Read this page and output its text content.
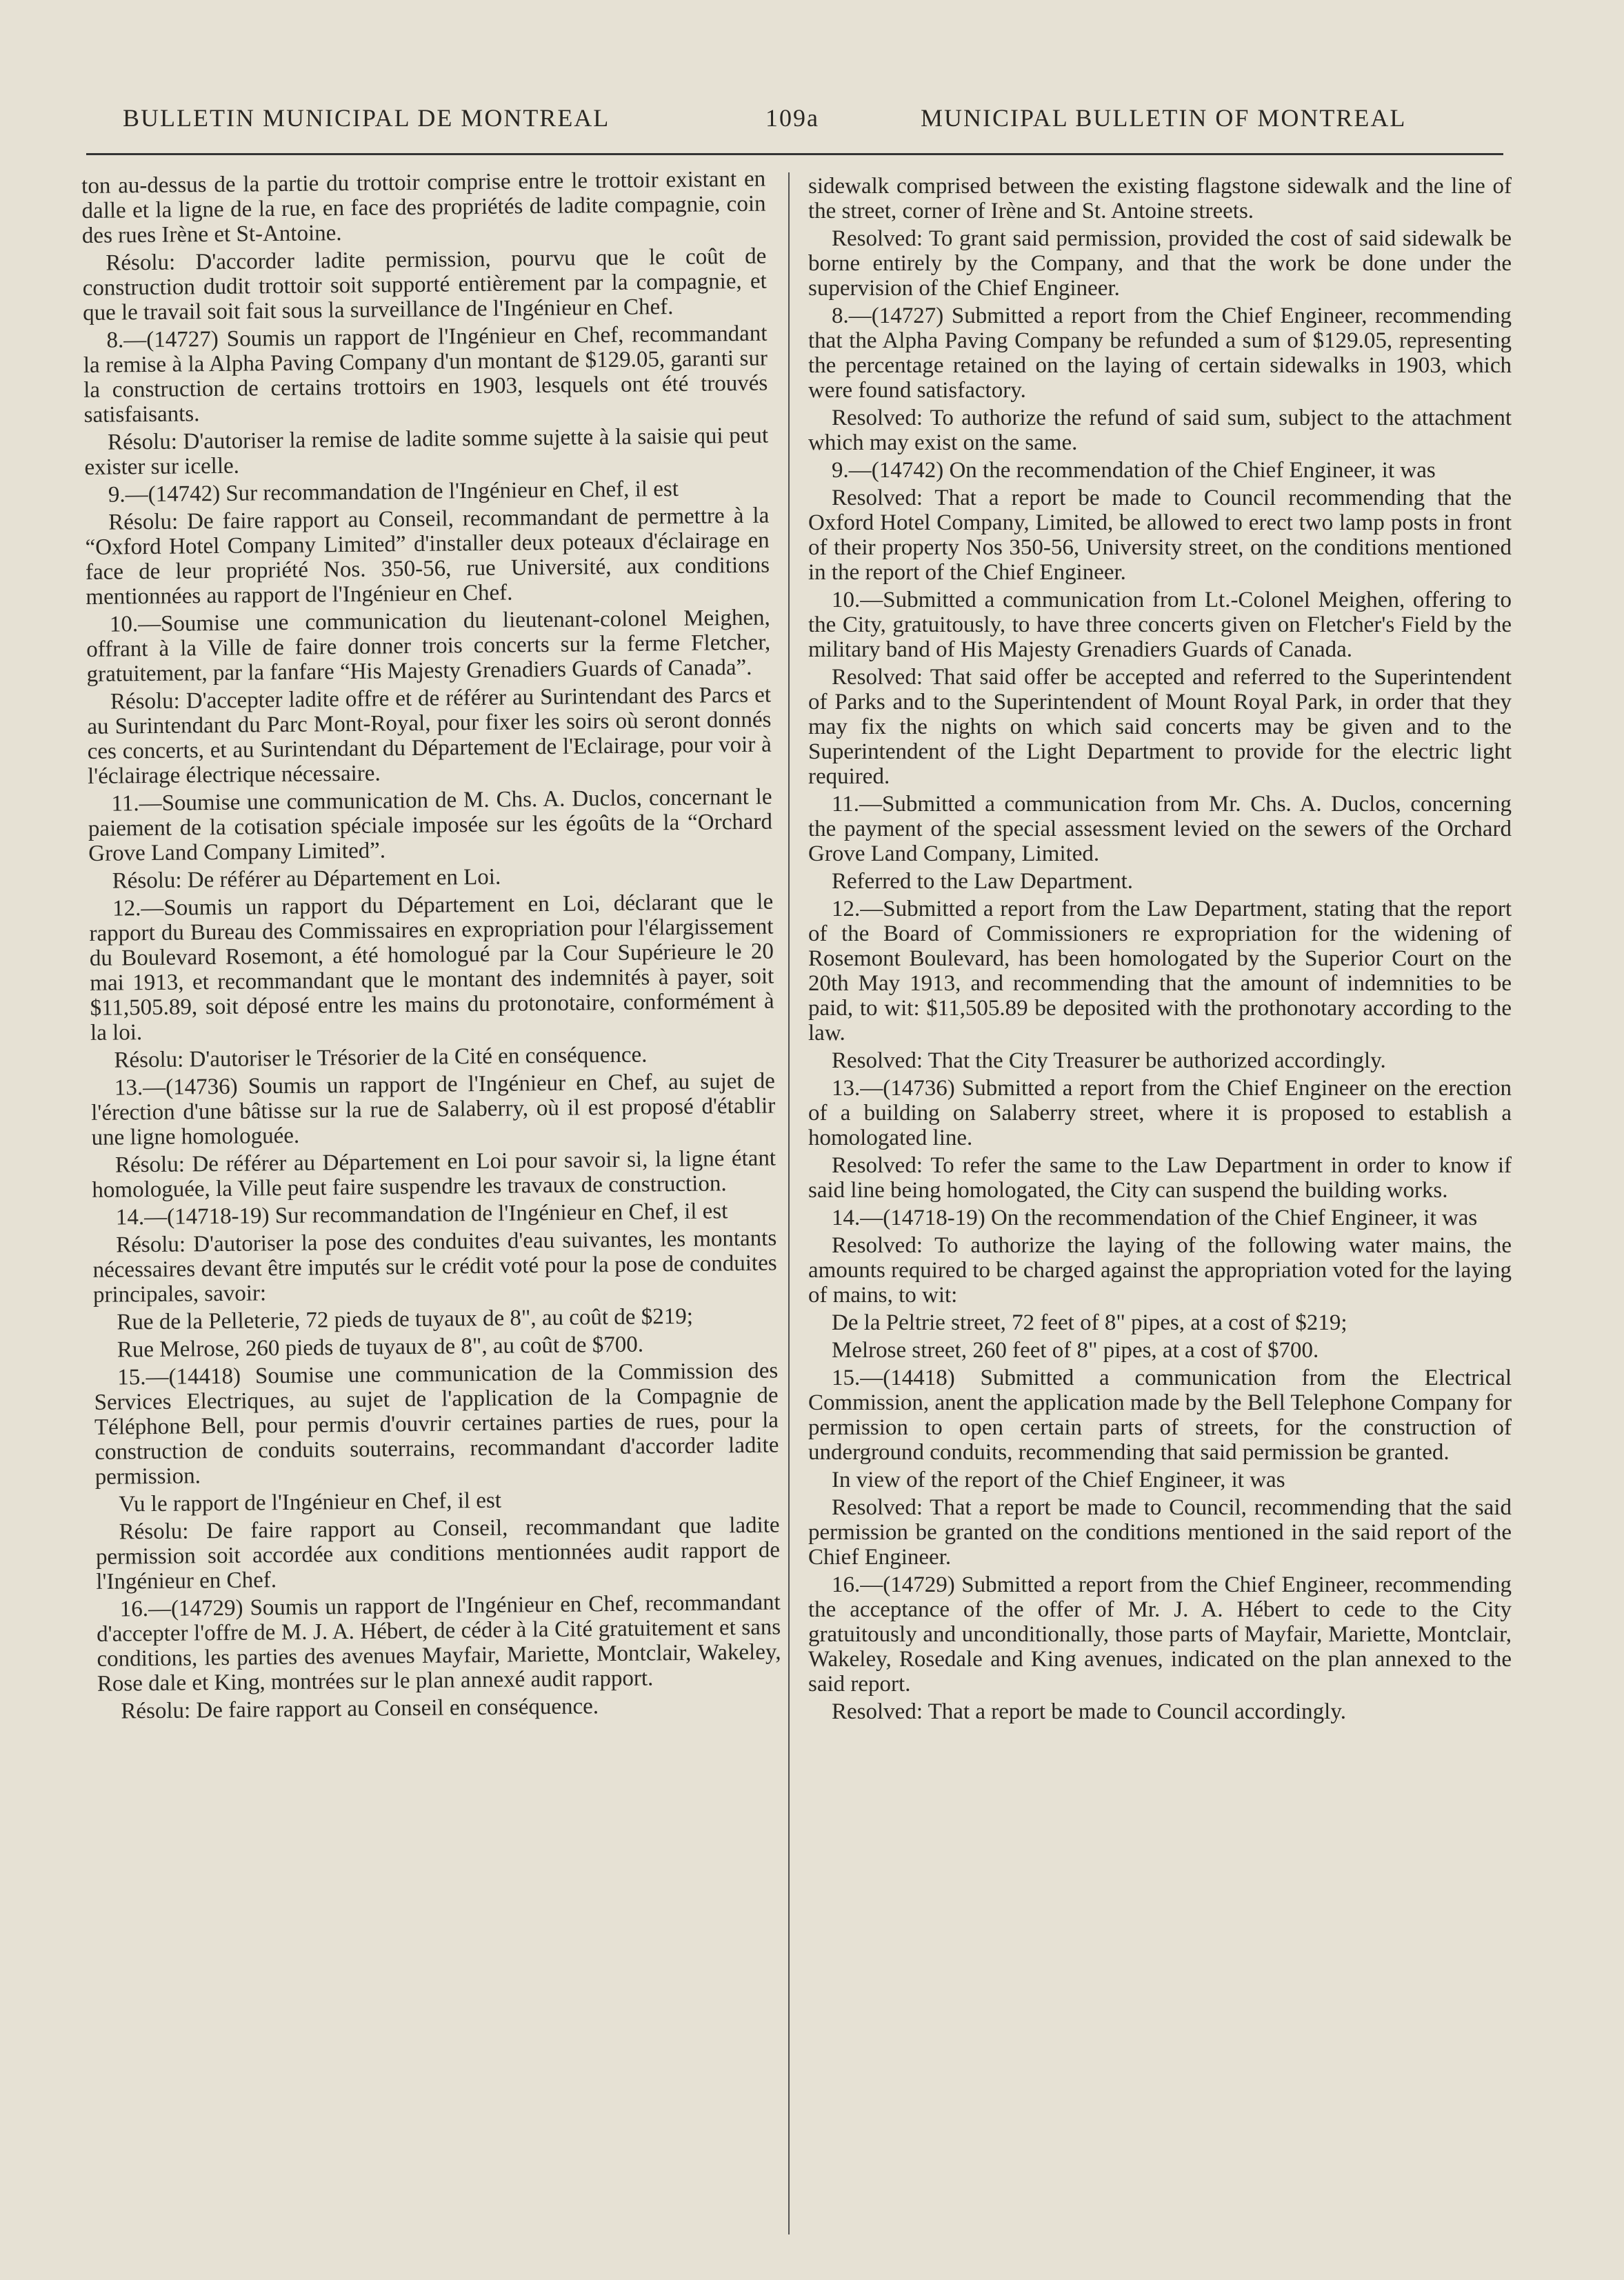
BULLETIN MUNICIPAL DE MONTREAL	109a	MUNICIPAL BULLETIN OF MONTREAL

ton au-dessus de la partie du trottoir comprise entre le trottoir existant en dalle et la ligne de la rue, en face des propriétés de ladite compagnie, coin des rues Irène et St-Antoine.

Résolu: D'accorder ladite permission, pourvu que le coût de construction dudit trottoir soit supporté entièrement par la compagnie, et que le travail soit fait sous la surveillance de l'Ingénieur en Chef.

8.—(14727) Soumis un rapport de l'Ingénieur en Chef, recommandant la remise à la Alpha Paving Company d'un montant de $129.05, garanti sur la construction de certains trottoirs en 1903, lesquels ont été trouvés satisfaisants.

Résolu: D'autoriser la remise de ladite somme sujette à la saisie qui peut exister sur icelle.

9.—(14742) Sur recommandation de l'Ingénieur en Chef, il est

Résolu: De faire rapport au Conseil, recommandant de permettre à la “Oxford Hotel Company Limited” d'installer deux poteaux d'éclairage en face de leur propriété Nos. 350-56, rue Université, aux conditions mentionnées au rapport de l'Ingénieur en Chef.

10.—Soumise une communication du lieutenant-colonel Meighen, offrant à la Ville de faire donner trois concerts sur la ferme Fletcher, gratuitement, par la fanfare “His Majesty Grenadiers Guards of Canada”.

Résolu: D'accepter ladite offre et de référer au Surintendant des Parcs et au Surintendant du Parc Mont-Royal, pour fixer les soirs où seront donnés ces concerts, et au Surintendant du Département de l'Eclairage, pour voir à l'éclairage électrique nécessaire.

11.—Soumise une communication de M. Chs. A. Duclos, concernant le paiement de la cotisation spéciale imposée sur les égoûts de la “Orchard Grove Land Company Limited”.

Résolu: De référer au Département en Loi.

12.—Soumis un rapport du Département en Loi, déclarant que le rapport du Bureau des Commissaires en expropriation pour l'élargissement du Boulevard Rosemont, a été homologué par la Cour Supérieure le 20 mai 1913, et recommandant que le montant des indemnités à payer, soit $11,505.89, soit déposé entre les mains du protonotaire, conformément à la loi.

Résolu: D'autoriser le Trésorier de la Cité en conséquence.

13.—(14736) Soumis un rapport de l'Ingénieur en Chef, au sujet de l'érection d'une bâtisse sur la rue de Salaberry, où il est proposé d'établir une ligne homologuée.

Résolu: De référer au Département en Loi pour savoir si, la ligne étant homologuée, la Ville peut faire suspendre les travaux de construction.

14.—(14718-19) Sur recommandation de l'Ingénieur en Chef, il est

Résolu: D'autoriser la pose des conduites d'eau suivantes, les montants nécessaires devant être imputés sur le crédit voté pour la pose de conduites principales, savoir:

Rue de la Pelleterie, 72 pieds de tuyaux de 8", au coût de $219;

Rue Melrose, 260 pieds de tuyaux de 8", au coût de $700.

15.—(14418) Soumise une communication de la Commission des Services Electriques, au sujet de l'application de la Compagnie de Téléphone Bell, pour permis d'ouvrir certaines parties de rues, pour la construction de conduits souterrains, recommandant d'accorder ladite permission.

Vu le rapport de l'Ingénieur en Chef, il est

Résolu: De faire rapport au Conseil, recommandant que ladite permission soit accordée aux conditions mentionnées audit rapport de l'Ingénieur en Chef.

16.—(14729) Soumis un rapport de l'Ingénieur en Chef, recommandant d'accepter l'offre de M. J. A. Hébert, de céder à la Cité gratuitement et sans conditions, les parties des avenues Mayfair, Mariette, Montclair, Wakeley, Rose dale et King, montrées sur le plan annexé audit rapport.

Résolu: De faire rapport au Conseil en conséquence.

sidewalk comprised between the existing flagstone sidewalk and the line of the street, corner of Irène and St. Antoine streets.

Resolved: To grant said permission, provided the cost of said sidewalk be borne entirely by the Company, and that the work be done under the supervision of the Chief Engineer.

8.—(14727) Submitted a report from the Chief Engineer, recommending that the Alpha Paving Company be refunded a sum of $129.05, representing the percentage retained on the laying of certain sidewalks in 1903, which were found satisfactory.

Resolved: To authorize the refund of said sum, subject to the attachment which may exist on the same.

9.—(14742) On the recommendation of the Chief Engineer, it was

Resolved: That a report be made to Council recommending that the Oxford Hotel Company, Limited, be allowed to erect two lamp posts in front of their property Nos 350-56, University street, on the conditions mentioned in the report of the Chief Engineer.

10.—Submitted a communication from Lt.-Colonel Meighen, offering to the City, gratuitously, to have three concerts given on Fletcher's Field by the military band of His Majesty Grenadiers Guards of Canada.

Resolved: That said offer be accepted and referred to the Superintendent of Parks and to the Superintendent of Mount Royal Park, in order that they may fix the nights on which said concerts may be given and to the Superintendent of the Light Department to provide for the electric light required.

11.—Submitted a communication from Mr. Chs. A. Duclos, concerning the payment of the special assessment levied on the sewers of the Orchard Grove Land Company, Limited.

Referred to the Law Department.

12.—Submitted a report from the Law Department, stating that the report of the Board of Commissioners re expropriation for the widening of Rosemont Boulevard, has been homologated by the Superior Court on the 20th May 1913, and recommending that the amount of indemnities to be paid, to wit: $11,505.89 be deposited with the prothonotary according to the law.

Resolved: That the City Treasurer be authorized accordingly.

13.—(14736) Submitted a report from the Chief Engineer on the erection of a building on Salaberry street, where it is proposed to establish a homologated line.

Resolved: To refer the same to the Law Department in order to know if said line being homologated, the City can suspend the building works.

14.—(14718-19) On the recommendation of the Chief Engineer, it was

Resolved: To authorize the laying of the following water mains, the amounts required to be charged against the appropriation voted for the laying of mains, to wit:

De la Peltrie street, 72 feet of 8" pipes, at a cost of $219;

Melrose street, 260 feet of 8" pipes, at a cost of $700.

15.—(14418) Submitted a communication from the Electrical Commission, anent the application made by the Bell Telephone Company for permission to open certain parts of streets, for the construction of underground conduits, recommending that said permission be granted.

In view of the report of the Chief Engineer, it was

Resolved: That a report be made to Council, recommending that the said permission be granted on the conditions mentioned in the said report of the Chief Engineer.

16.—(14729) Submitted a report from the Chief Engineer, recommending the acceptance of the offer of Mr. J. A. Hébert to cede to the City gratuitously and unconditionally, those parts of Mayfair, Mariette, Montclair, Wakeley, Rosedale and King avenues, indicated on the plan annexed to the said report.

Resolved: That a report be made to Council accordingly.
